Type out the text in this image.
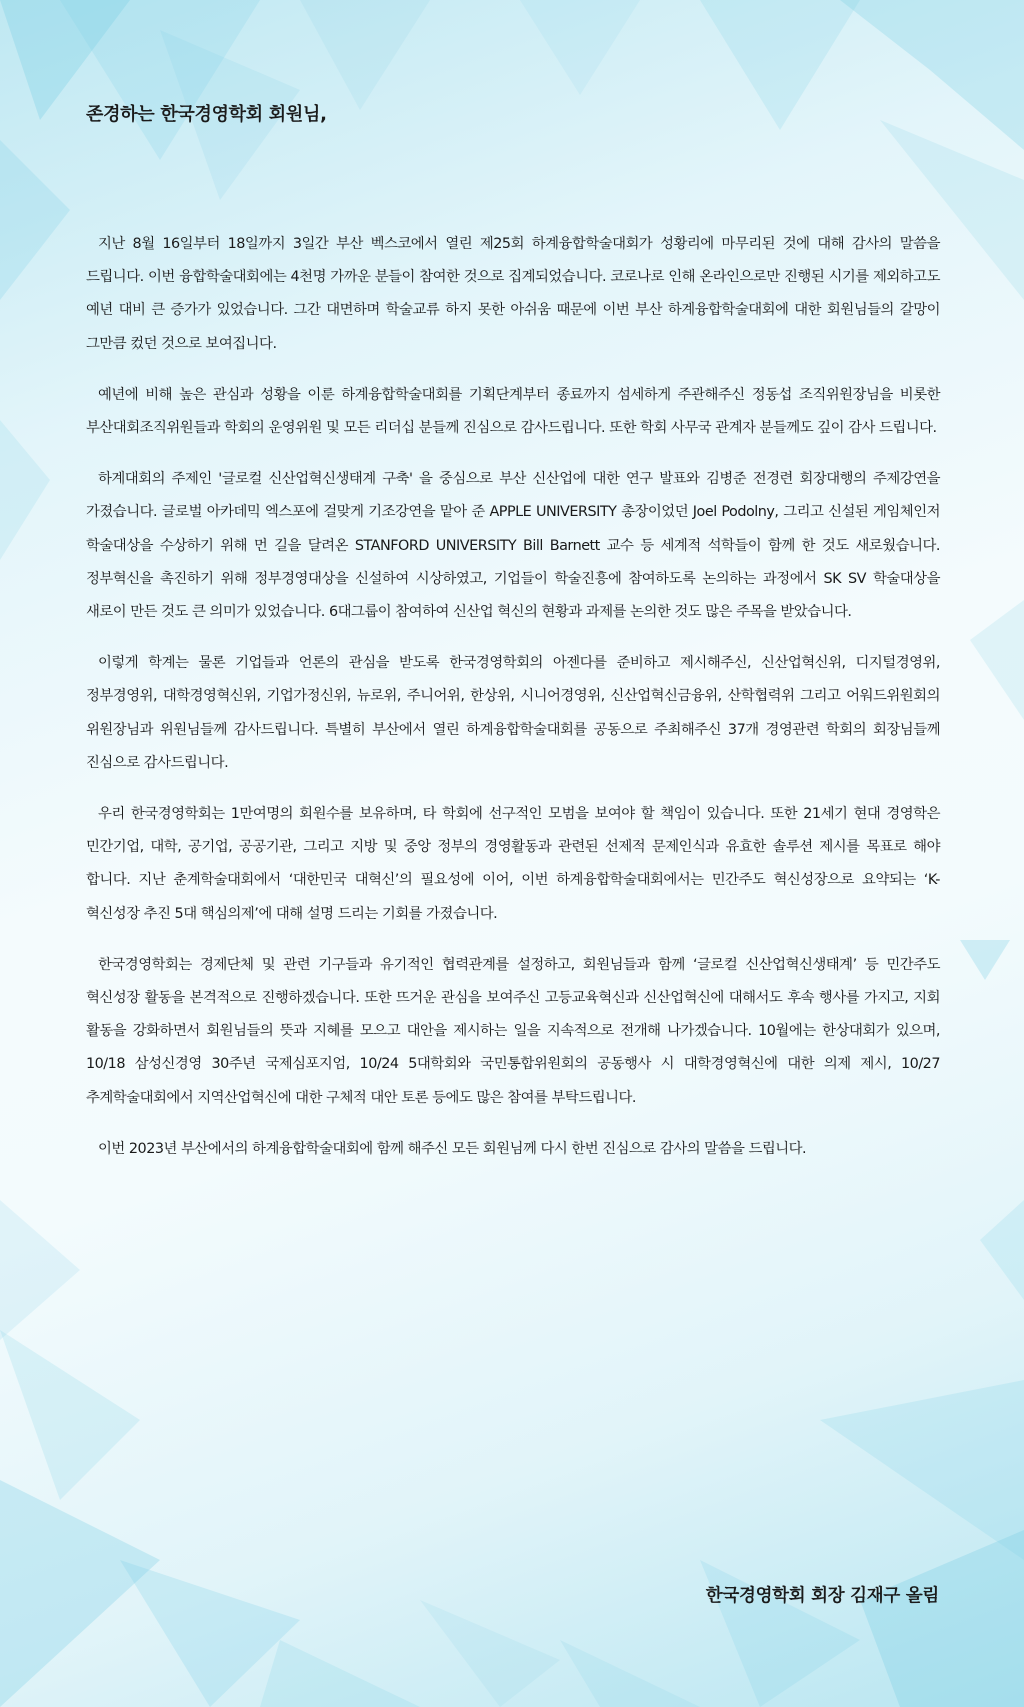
존경하는 한국경영학회 회원님,

지난 8월 16일부터 18일까지 3일간 부산 벡스코에서 열린 제25회 하계융합학술대회가 성황리에 마무리된 것에 대해 감사의 말씀을 드립니다. 이번 융합학술대회에는 4천명 가까운 분들이 참여한 것으로 집계되었습니다. 코로나로 인해 온라인으로만 진행된 시기를 제외하고도 예년 대비 큰 증가가 있었습니다. 그간 대면하며 학술교류 하지 못한 아쉬움 때문에 이번 부산 하계융합학술대회에 대한 회원님들의 갈망이 그만큼 컸던 것으로 보여집니다.

예년에 비해 높은 관심과 성황을 이룬 하계융합학술대회를 기획단계부터 종료까지 섬세하게 주관해주신 정동섭 조직위원장님을 비롯한 부산대회조직위원들과 학회의 운영위원 및 모든 리더십 분들께 진심으로 감사드립니다. 또한 학회 사무국 관계자 분들께도 깊이 감사 드립니다.

하계대회의 주제인 '글로컬 신산업혁신생태계 구축' 을 중심으로 부산 신산업에 대한 연구 발표와 김병준 전경련 회장대행의 주제강연을 가졌습니다. 글로벌 아카데믹 엑스포에 걸맞게 기조강연을 맡아 준 APPLE UNIVERSITY 총장이었던 Joel Podolny, 그리고 신설된 게임체인저 학술대상을 수상하기 위해 먼 길을 달려온 STANFORD UNIVERSITY Bill Barnett 교수 등 세계적 석학들이 함께 한 것도 새로웠습니다. 정부혁신을 촉진하기 위해 정부경영대상을 신설하여 시상하였고, 기업들이 학술진흥에 참여하도록 논의하는 과정에서 SK SV 학술대상을 새로이 만든 것도 큰 의미가 있었습니다. 6대그룹이 참여하여 신산업 혁신의 현황과 과제를 논의한 것도 많은 주목을 받았습니다.

이렇게 학계는 물론 기업들과 언론의 관심을 받도록 한국경영학회의 아젠다를 준비하고 제시해주신, 신산업혁신위, 디지털경영위, 정부경영위, 대학경영혁신위, 기업가정신위, 뉴로위, 주니어위, 한상위, 시니어경영위, 신산업혁신금융위, 산학협력위 그리고 어워드위원회의 위원장님과 위원님들께 감사드립니다. 특별히 부산에서 열린 하계융합학술대회를 공동으로 주최해주신 37개 경영관련 학회의 회장님들께 진심으로 감사드립니다.

우리 한국경영학회는 1만여명의 회원수를 보유하며, 타 학회에 선구적인 모범을 보여야 할 책임이 있습니다. 또한 21세기 현대 경영학은 민간기업, 대학, 공기업, 공공기관, 그리고 지방 및 중앙 정부의 경영활동과 관련된 선제적 문제인식과 유효한 솔루션 제시를 목표로 해야 합니다. 지난 춘계학술대회에서 ‘대한민국 대혁신’의 필요성에 이어, 이번 하계융합학술대회에서는 민간주도 혁신성장으로 요약되는 ‘K-혁신성장 추진 5대 핵심의제’에 대해 설명 드리는 기회를 가졌습니다.

한국경영학회는 경제단체 및 관련 기구들과 유기적인 협력관계를 설정하고, 회원님들과 함께 ‘글로컬 신산업혁신생태계’ 등 민간주도 혁신성장 활동을 본격적으로 진행하겠습니다. 또한 뜨거운 관심을 보여주신 고등교육혁신과 신산업혁신에 대해서도 후속 행사를 가지고, 지회 활동을 강화하면서 회원님들의 뜻과 지혜를 모으고 대안을 제시하는 일을 지속적으로 전개해 나가겠습니다. 10월에는 한상대회가 있으며, 10/18 삼성신경영 30주년 국제심포지엄, 10/24 5대학회와 국민통합위원회의 공동행사 시 대학경영혁신에 대한 의제 제시, 10/27 추계학술대회에서 지역산업혁신에 대한 구체적 대안 토론 등에도 많은 참여를 부탁드립니다.

이번 2023년 부산에서의 하계융합학술대회에 함께 해주신 모든 회원님께 다시 한번 진심으로 감사의 말씀을 드립니다.

한국경영학회 회장 김재구 올림
